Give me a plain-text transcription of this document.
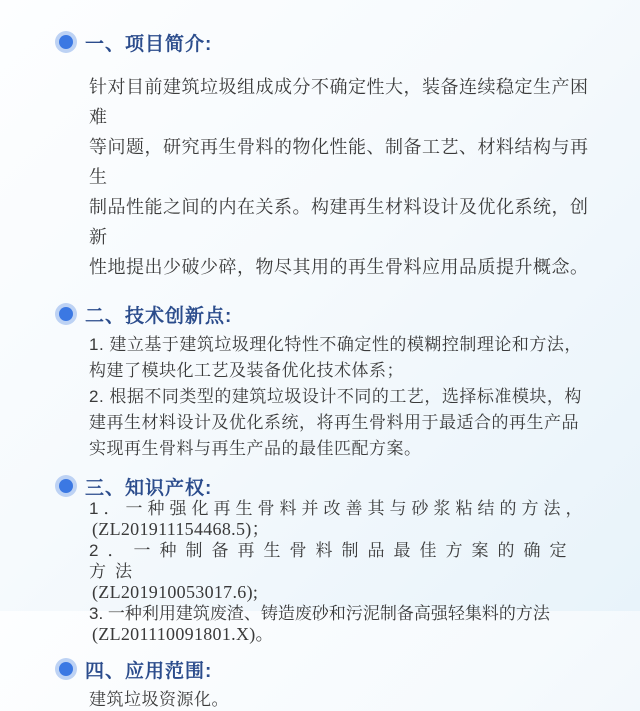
一、项目简介:
针对目前建筑垃圾组成成分不确定性大，装备连续稳定生产困难
等问题，研究再生骨料的物化性能、制备工艺、材料结构与再生
制品性能之间的内在关系。构建再生材料设计及优化系统，创新
性地提出少破少碎，物尽其用的再生骨料应用品质提升概念。
二、技术创新点:
1. 建立基于建筑垃圾理化特性不确定性的模糊控制理论和方法，
构建了模块化工艺及装备优化技术体系；
2. 根据不同类型的建筑垃圾设计不同的工艺，选择标准模块，构
建再生材料设计及优化系统，将再生骨料用于最适合的再生产品
实现再生骨料与再生产品的最佳匹配方案。
三、知识产权:
1．一种强化再生骨料并改善其与砂浆粘结的方法，
(ZL201911154468.5)；
2．一种制备再生骨料制品最佳方案的确定方法
(ZL201910053017.6);
3. 一种利用建筑废渣、铸造废砂和污泥制备高强轻集料的方法
(ZL201110091801.X)。
四、应用范围:
建筑垃圾资源化。
